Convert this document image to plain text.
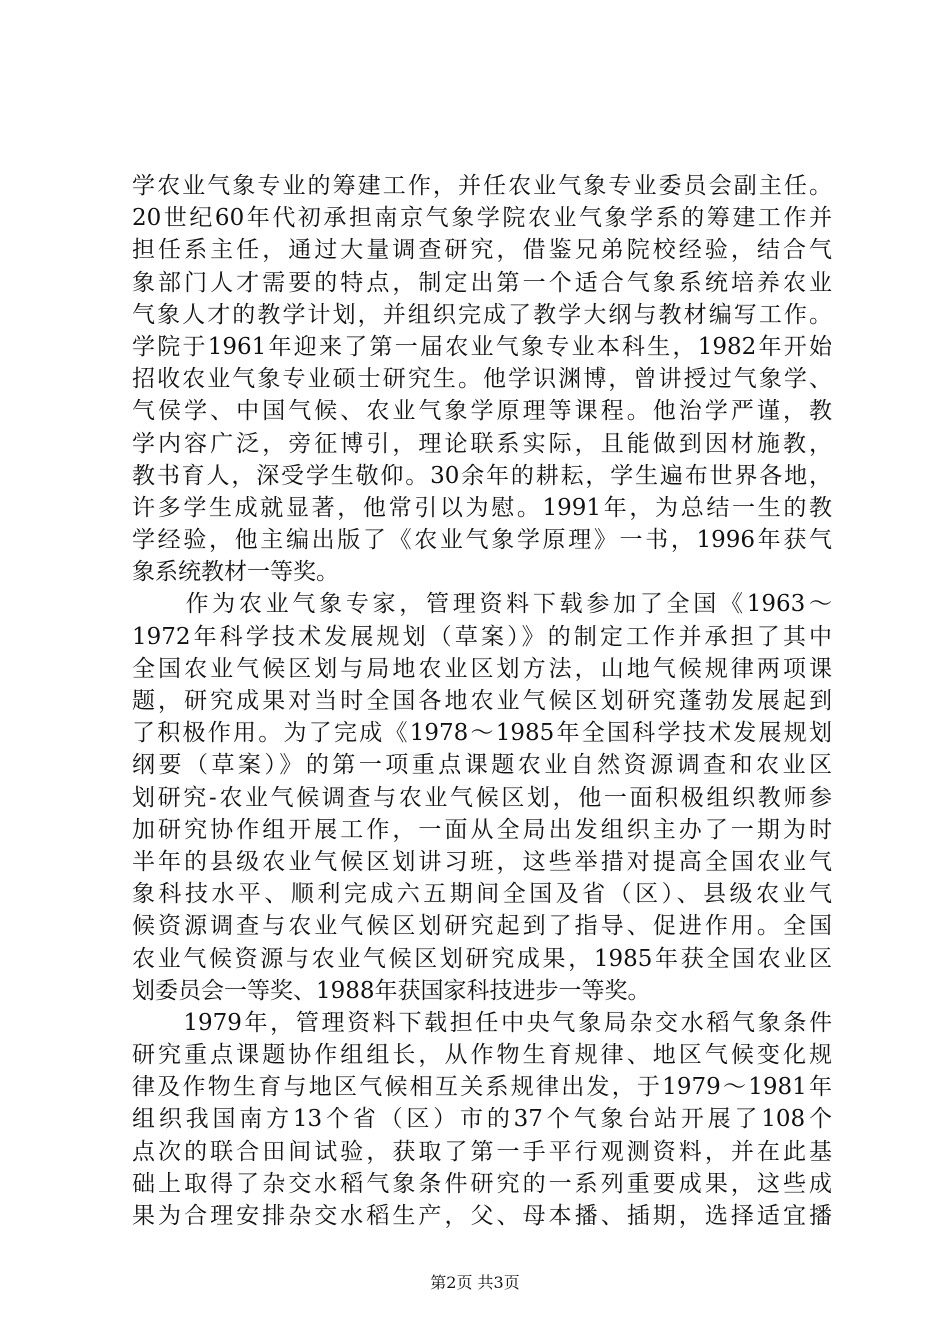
学农业气象专业的筹建工作，并任农业气象专业委员会副主任。
20世纪60年代初承担南京气象学院农业气象学系的筹建工作并
担任系主任，通过大量调查研究，借鉴兄弟院校经验，结合气
象部门人才需要的特点，制定出第一个适合气象系统培养农业
气象人才的教学计划，并组织完成了教学大纲与教材编写工作。
学院于1961年迎来了第一届农业气象专业本科生，1982年开始
招收农业气象专业硕士研究生。他学识渊博，曾讲授过气象学、
气侯学、中国气候、农业气象学原理等课程。他治学严谨，教
学内容广泛，旁征博引，理论联系实际，且能做到因材施教，
教书育人，深受学生敬仰。30余年的耕耘，学生遍布世界各地，
许多学生成就显著，他常引以为慰。1991年，为总结一生的教
学经验，他主编出版了《农业气象学原理》一书，1996年获气
象系统教材一等奖。
　　作为农业气象专家，管理资料下载参加了全国《1963～
1972年科学技术发展规划（草案）》的制定工作并承担了其中
全国农业气候区划与局地农业区划方法，山地气候规律两项课
题，研究成果对当时全国各地农业气候区划研究蓬勃发展起到
了积极作用。为了完成《1978～1985年全国科学技术发展规划
纲要（草案）》的第一项重点课题农业自然资源调查和农业区
划研究-农业气候调查与农业气候区划，他一面积极组织教师参
加研究协作组开展工作，一面从全局出发组织主办了一期为时
半年的县级农业气候区划讲习班，这些举措对提高全国农业气
象科技水平、顺利完成六五期间全国及省（区）、县级农业气
候资源调查与农业气候区划研究起到了指导、促进作用。全国
农业气候资源与农业气候区划研究成果，1985年获全国农业区
划委员会一等奖、1988年获国家科技进步一等奖。
　　1979年，管理资料下载担任中央气象局杂交水稻气象条件
研究重点课题协作组组长，从作物生育规律、地区气候变化规
律及作物生育与地区气候相互关系规律出发，于1979～1981年
组织我国南方13个省（区）市的37个气象台站开展了108个
点次的联合田间试验，获取了第一手平行观测资料，并在此基
础上取得了杂交水稻气象条件研究的一系列重要成果，这些成
果为合理安排杂交水稻生产，父、母本播、插期，选择适宜播
第2页 共3页
